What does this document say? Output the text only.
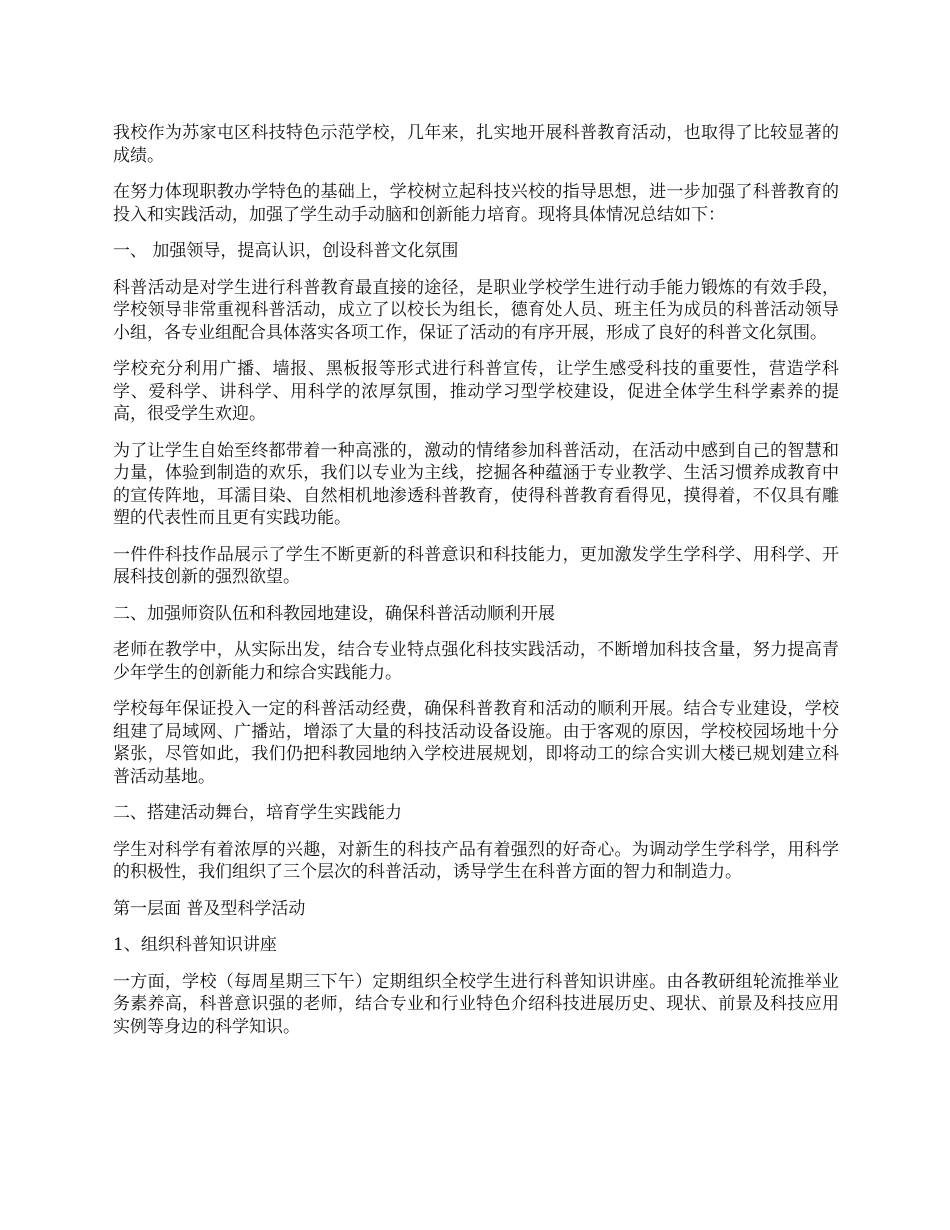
我校作为苏家屯区科技特色示范学校，几年来，扎实地开展科普教育活动，也取得了比较显著的成绩。

在努力体现职教办学特色的基础上，学校树立起科技兴校的指导思想，进一步加强了科普教育的投入和实践活动，加强了学生动手动脑和创新能力培育。现将具体情况总结如下：

一、 加强领导，提高认识，创设科普文化氛围

科普活动是对学生进行科普教育最直接的途径，是职业学校学生进行动手能力锻炼的有效手段，学校领导非常重视科普活动，成立了以校长为组长，德育处人员、班主任为成员的科普活动领导小组，各专业组配合具体落实各项工作，保证了活动的有序开展，形成了良好的科普文化氛围。

学校充分利用广播、墙报、黑板报等形式进行科普宣传，让学生感受科技的重要性，营造学科学、爱科学、讲科学、用科学的浓厚氛围，推动学习型学校建设，促进全体学生科学素养的提高，很受学生欢迎。

为了让学生自始至终都带着一种高涨的，激动的情绪参加科普活动，在活动中感到自己的智慧和力量，体验到制造的欢乐，我们以专业为主线，挖掘各种蕴涵于专业教学、生活习惯养成教育中的宣传阵地，耳濡目染、自然相机地渗透科普教育，使得科普教育看得见，摸得着，不仅具有雕塑的代表性而且更有实践功能。

一件件科技作品展示了学生不断更新的科普意识和科技能力，更加激发学生学科学、用科学、开展科技创新的强烈欲望。

二、加强师资队伍和科教园地建设，确保科普活动顺利开展

老师在教学中，从实际出发，结合专业特点强化科技实践活动，不断增加科技含量，努力提高青少年学生的创新能力和综合实践能力。

学校每年保证投入一定的科普活动经费，确保科普教育和活动的顺利开展。结合专业建设，学校组建了局域网、广播站，增添了大量的科技活动设备设施。由于客观的原因，学校校园场地十分紧张，尽管如此，我们仍把科教园地纳入学校进展规划，即将动工的综合实训大楼已规划建立科普活动基地。

二、搭建活动舞台，培育学生实践能力

学生对科学有着浓厚的兴趣，对新生的科技产品有着强烈的好奇心。为调动学生学科学，用科学的积极性，我们组织了三个层次的科普活动，诱导学生在科普方面的智力和制造力。

第一层面 普及型科学活动

1、组织科普知识讲座

一方面，学校（每周星期三下午）定期组织全校学生进行科普知识讲座。由各教研组轮流推举业务素养高，科普意识强的老师，结合专业和行业特色介绍科技进展历史、现状、前景及科技应用实例等身边的科学知识。
